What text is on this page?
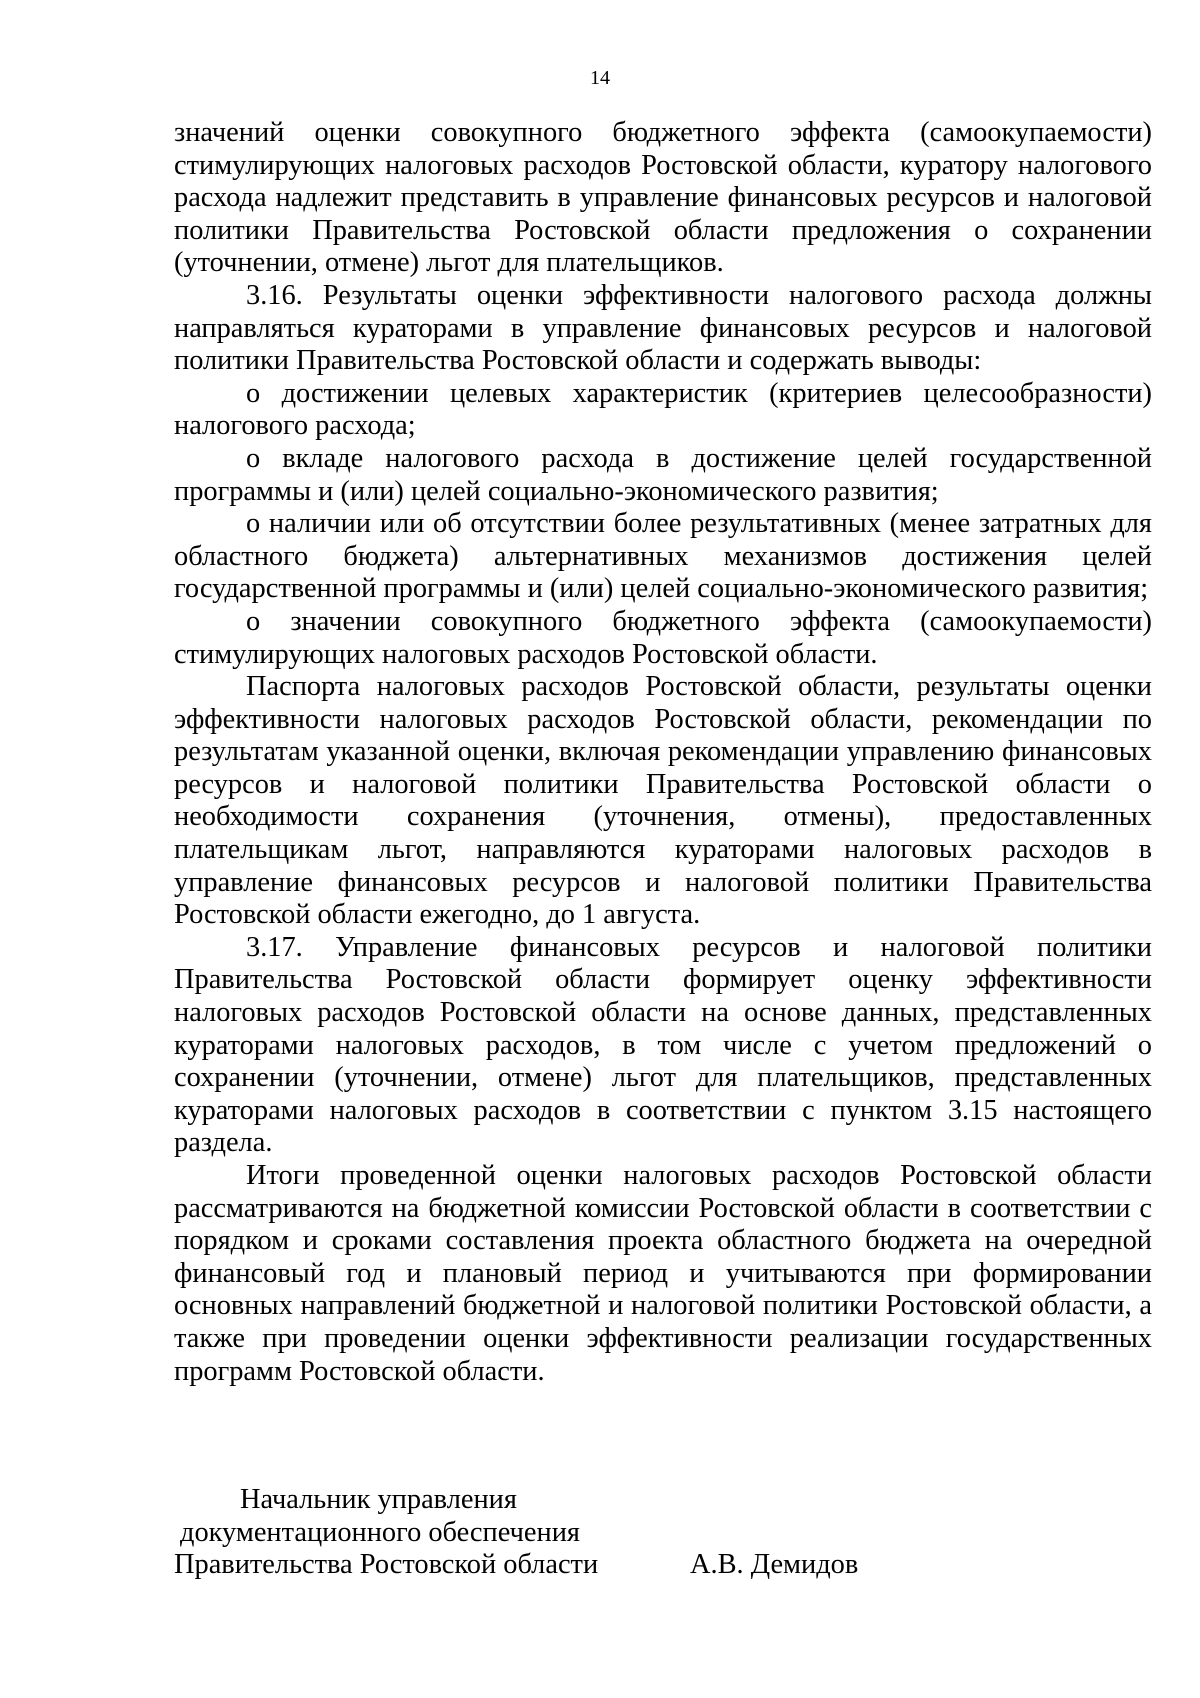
14

значений оценки совокупного бюджетного эффекта (самоокупаемости) стимулирующих налоговых расходов Ростовской области, куратору налогового расхода надлежит представить в управление финансовых ресурсов и налоговой политики Правительства Ростовской области предложения о сохранении (уточнении, отмене) льгот для плательщиков.

3.16. Результаты оценки эффективности налогового расхода должны направляться кураторами в управление финансовых ресурсов и налоговой политики Правительства Ростовской области и содержать выводы:

о достижении целевых характеристик (критериев целесообразности) налогового расхода;

о вкладе налогового расхода в достижение целей государственной программы и (или) целей социально-экономического развития;

о наличии или об отсутствии более результативных (менее затратных для областного бюджета) альтернативных механизмов достижения целей государственной программы и (или) целей социально-экономического развития;

о значении совокупного бюджетного эффекта (самоокупаемости) стимулирующих налоговых расходов Ростовской области.

Паспорта налоговых расходов Ростовской области, результаты оценки эффективности налоговых расходов Ростовской области, рекомендации по результатам указанной оценки, включая рекомендации управлению финансовых ресурсов и налоговой политики Правительства Ростовской области о необходимости сохранения (уточнения, отмены), предоставленных плательщикам льгот, направляются кураторами налоговых расходов в управление финансовых ресурсов и налоговой политики Правительства Ростовской области ежегодно, до 1 августа.

3.17. Управление финансовых ресурсов и налоговой политики Правительства Ростовской области формирует оценку эффективности налоговых расходов Ростовской области на основе данных, представленных кураторами налоговых расходов, в том числе с учетом предложений о сохранении (уточнении, отмене) льгот для плательщиков, представленных кураторами налоговых расходов в соответствии с пунктом 3.15 настоящего раздела.

Итоги проведенной оценки налоговых расходов Ростовской области рассматриваются на бюджетной комиссии Ростовской области в соответствии с порядком и сроками составления проекта областного бюджета на очередной финансовый год и плановый период и учитываются при формировании основных направлений бюджетной и налоговой политики Ростовской области, а также при проведении оценки эффективности реализации государственных программ Ростовской области.

Начальник управления
документационного обеспечения
Правительства Ростовской области	А.В. Демидов
